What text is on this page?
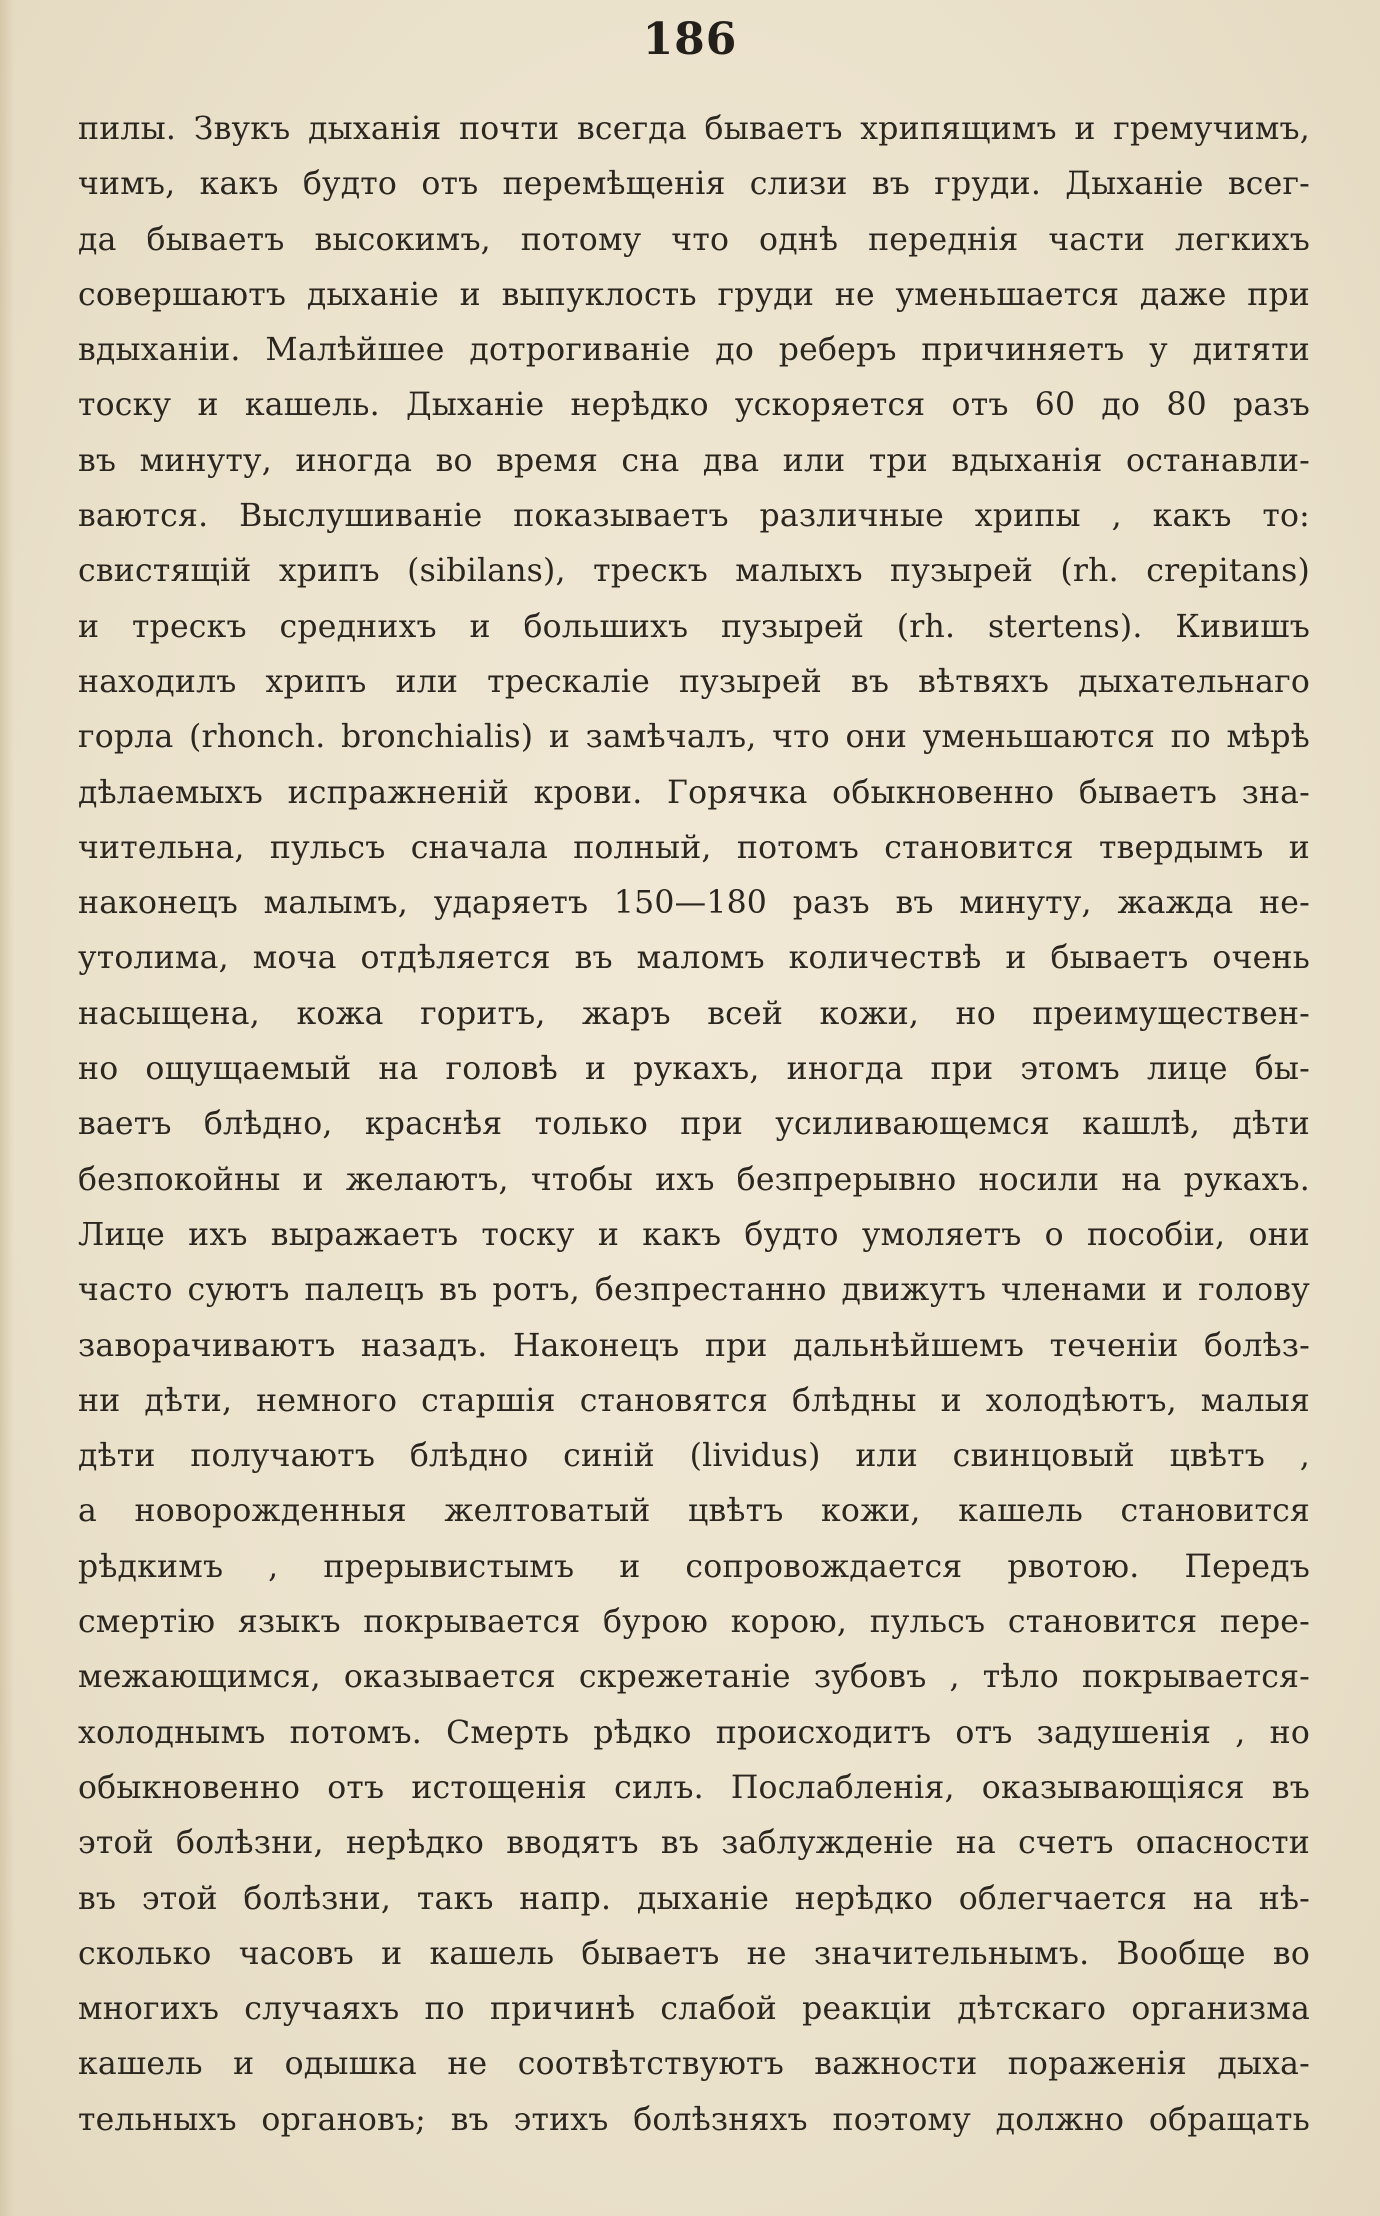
186
пилы. Звукъ дыханія почти всегда бываетъ хрипящимъ и гремучимъ,
чимъ, какъ будто отъ перемѣщенія слизи въ груди. Дыханіе всег-
да бываетъ высокимъ, потому что однѣ переднія части легкихъ
совершаютъ дыханіе и выпуклость груди не уменьшается даже при
вдыханіи. Малѣйшее дотрогиваніе до реберъ причиняетъ у дитяти
тоску и кашель. Дыханіе нерѣдко ускоряется отъ 60 до 80 разъ
въ минуту, иногда во время сна два или три вдыханія останавли-
ваются. Выслушиваніе показываетъ различные хрипы , какъ то:
свистящій хрипъ (sibilans), трескъ малыхъ пузырей (rh. crepitans)
и трескъ среднихъ и большихъ пузырей (rh. stertens). Кивишъ
находилъ хрипъ или трескаліе пузырей въ вѣтвяхъ дыхательнаго
горла (rhonch. bronchialis) и замѣчалъ, что они уменьшаются по мѣрѣ
дѣлаемыхъ испражненій крови. Горячка обыкновенно бываетъ зна-
чительна, пульсъ сначала полный, потомъ становится твердымъ и
наконецъ малымъ, ударяетъ 150—180 разъ въ минуту, жажда не-
утолима, моча отдѣляется въ маломъ количествѣ и бываетъ очень
насыщена, кожа горитъ, жаръ всей кожи, но преимуществен-
но ощущаемый на головѣ и рукахъ, иногда при этомъ лице бы-
ваетъ блѣдно, краснѣя только при усиливающемся кашлѣ, дѣти
безпокойны и желаютъ, чтобы ихъ безпрерывно носили на рукахъ.
Лице ихъ выражаетъ тоску и какъ будто умоляетъ о пособіи, они
часто суютъ палецъ въ ротъ, безпрестанно движутъ членами и голову
заворачиваютъ назадъ. Наконецъ при дальнѣйшемъ теченіи болѣз-
ни дѣти, немного старшія становятся блѣдны и холодѣютъ, малыя
дѣти получаютъ блѣдно синій (lividus) или свинцовый цвѣтъ ,
а новорожденныя желтоватый цвѣтъ кожи, кашель становится
рѣдкимъ , прерывистымъ и сопровождается рвотою. Передъ
смертію языкъ покрывается бурою корою, пульсъ становится пере-
межающимся, оказывается скрежетаніе зубовъ , тѣло покрывается-
холоднымъ потомъ. Смерть рѣдко происходитъ отъ задушенія , но
обыкновенно отъ истощенія силъ. Послабленія, оказывающіяся въ
этой болѣзни, нерѣдко вводятъ въ заблужденіе на счетъ опасности
въ этой болѣзни, такъ напр. дыханіе нерѣдко облегчается на нѣ-
сколько часовъ и кашель бываетъ не значительнымъ. Вообще во
многихъ случаяхъ по причинѣ слабой реакціи дѣтскаго организма
кашель и одышка не соотвѣтствуютъ важности пораженія дыха-
тельныхъ органовъ; въ этихъ болѣзняхъ поэтому должно обращать
